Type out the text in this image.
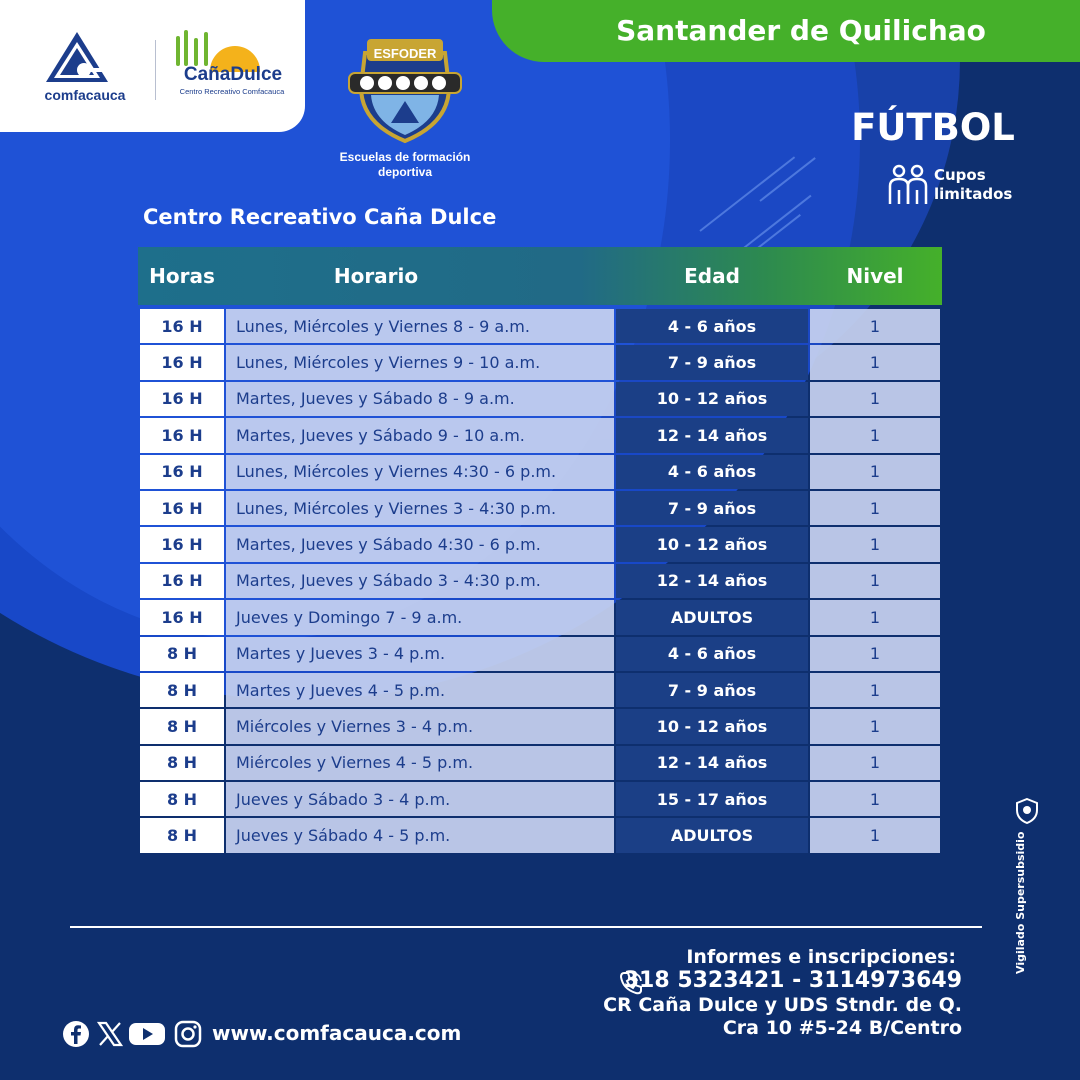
comfacauca
CañaDulce
Centro Recreativo Comfacauca
Santander de Quilichao
ESFODER
Escuelas de formación deportiva
FÚTBOL
Cupos limitados
Centro Recreativo Caña Dulce
Horas	Horario	Edad	Nivel
16 H	Lunes, Miércoles y Viernes 8 - 9 a.m.	4 - 6 años	1
16 H	Lunes, Miércoles y Viernes 9 - 10 a.m.	7 - 9 años	1
16 H	Martes, Jueves y Sábado 8 - 9 a.m.	10 - 12 años	1
16 H	Martes, Jueves y Sábado 9 - 10 a.m.	12 - 14 años	1
16 H	Lunes, Miércoles y Viernes 4:30 - 6 p.m.	4 - 6 años	1
16 H	Lunes, Miércoles y Viernes 3 - 4:30 p.m.	7 - 9 años	1
16 H	Martes, Jueves y Sábado 4:30 - 6 p.m.	10 - 12 años	1
16 H	Martes, Jueves y Sábado 3 - 4:30 p.m.	12 - 14 años	1
16 H	Jueves y Domingo 7 - 9 a.m.	ADULTOS	1
8 H	Martes y Jueves 3 - 4 p.m.	4 - 6 años	1
8 H	Martes y Jueves 4 - 5 p.m.	7 - 9 años	1
8 H	Miércoles y Viernes 3 - 4 p.m.	10 - 12 años	1
8 H	Miércoles y Viernes 4 - 5 p.m.	12 - 14 años	1
8 H	Jueves y Sábado 3 - 4 p.m.	15 - 17 años	1
8 H	Jueves y Sábado 4 - 5 p.m.	ADULTOS	1	Vigilado Supersubsidio
Informes e inscripciones:
318 5323421 - 3114973649
CR Caña Dulce y UDS Stndr. de Q.
Cra 10 #5-24 B/Centro
www.comfacauca.com
